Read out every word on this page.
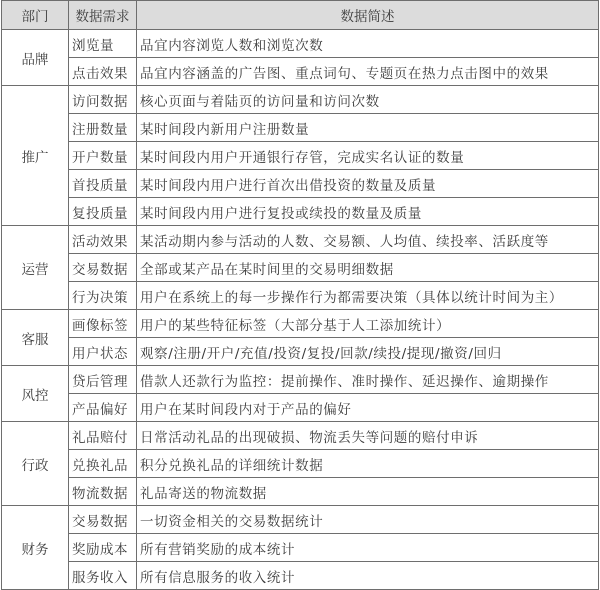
部门	数据需求	数据简述
品牌	浏览量	品宜内容浏览人数和浏览次数
	点击效果	品宜内容涵盖的广告图、重点词句、专题页在热力点击图中的效果
推广	访问数据	核心页面与着陆页的访问量和访问次数
	注册数量	某时间段内新用户注册数量
	开户数量	某时间段内用户开通银行存管，完成实名认证的数量
	首投质量	某时间段内用户进行首次出借投资的数量及质量
	复投质量	某时间段内用户进行复投或续投的数量及质量
运营	活动效果	某活动期内参与活动的人数、交易额、人均值、续投率、活跃度等
	交易数据	全部或某产品在某时间里的交易明细数据
	行为决策	用户在系统上的每一步操作行为都需要决策（具体以统计时间为主）
客服	画像标签	用户的某些特征标签（大部分基于人工添加统计）
	用户状态	观察/注册/开户/充值/投资/复投/回款/续投/提现/撤资/回归
风控	贷后管理	借款人还款行为监控：提前操作、准时操作、延迟操作、逾期操作
	产品偏好	用户在某时间段内对于产品的偏好
行政	礼品赔付	日常活动礼品的出现破损、物流丢失等问题的赔付申诉
	兑换礼品	积分兑换礼品的详细统计数据
	物流数据	礼品寄送的物流数据
财务	交易数据	一切资金相关的交易数据统计
	奖励成本	所有营销奖励的成本统计
	服务收入	所有信息服务的收入统计
